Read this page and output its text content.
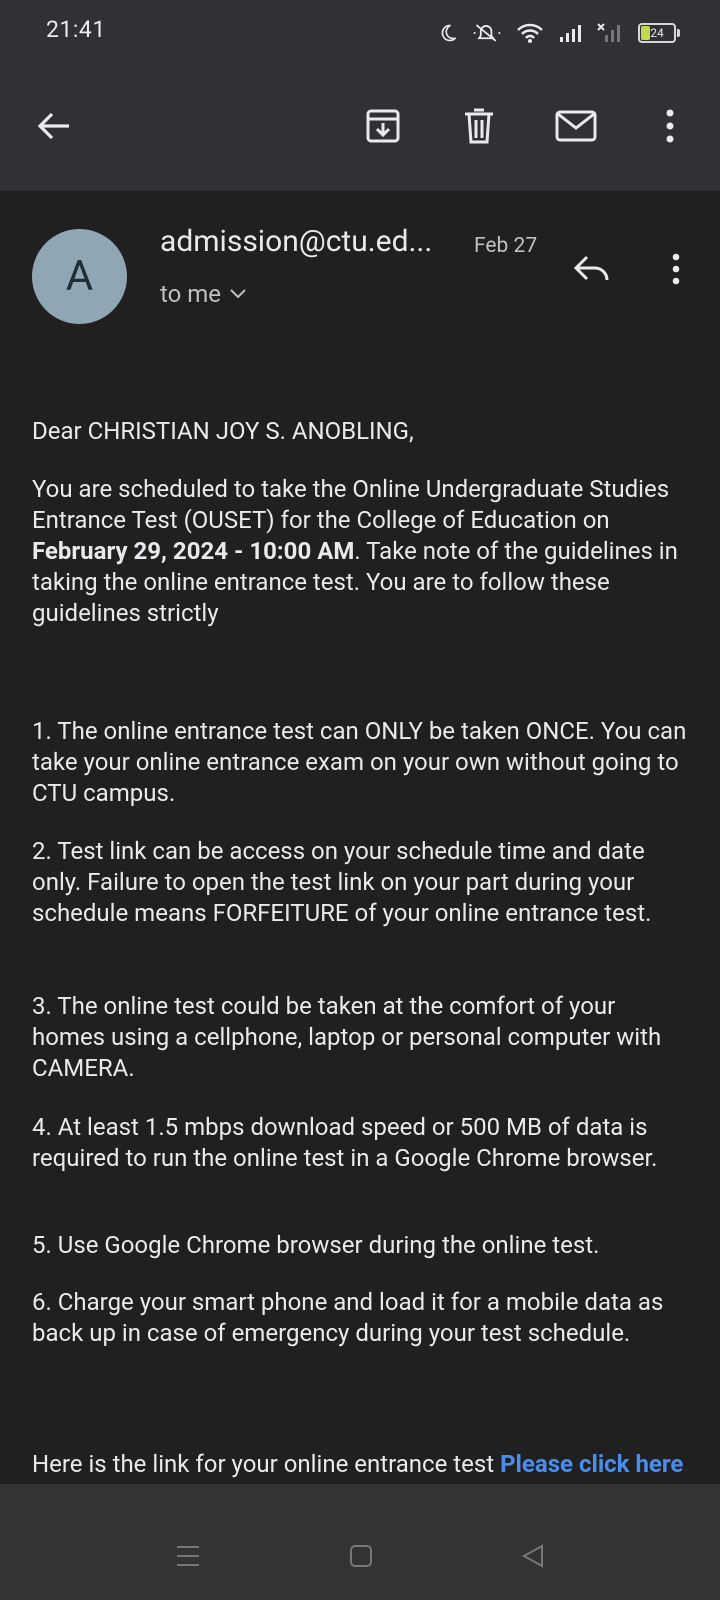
21:41	24
A
admission@ctu.ed... Feb 27
to me

Dear CHRISTIAN JOY S. ANOBLING,

You are scheduled to take the Online Undergraduate Studies Entrance Test (OUSET) for the College of Education on February 29, 2024 - 10:00 AM. Take note of the guidelines in taking the online entrance test. You are to follow these guidelines strictly

1. The online entrance test can ONLY be taken ONCE. You can take your online entrance exam on your own without going to CTU campus.

2. Test link can be access on your schedule time and date only. Failure to open the test link on your part during your schedule means FORFEITURE of your online entrance test.

3. The online test could be taken at the comfort of your homes using a cellphone, laptop or personal computer with CAMERA.

4. At least 1.5 mbps download speed or 500 MB of data is required to run the online test in a Google Chrome browser.

5. Use Google Chrome browser during the online test.

6. Charge your smart phone and load it for a mobile data as back up in case of emergency during your test schedule.

Here is the link for your online entrance test Please click here
